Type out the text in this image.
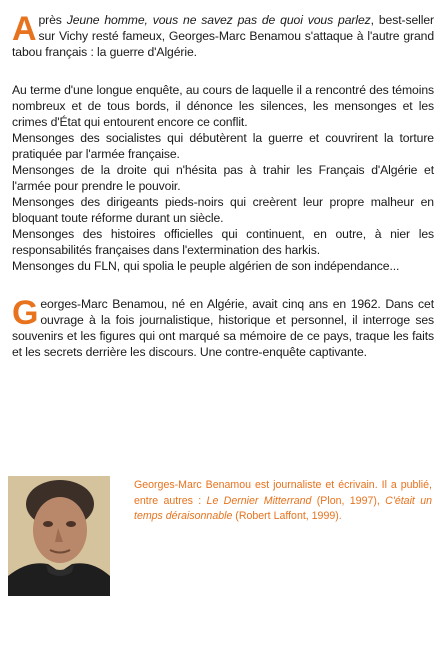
Après Jeune homme, vous ne savez pas de quoi vous parlez, best-seller sur Vichy resté fameux, Georges-Marc Benamou s'attaque à l'autre grand tabou français : la guerre d'Algérie.

Au terme d'une longue enquête, au cours de laquelle il a rencontré des témoins nombreux et de tous bords, il dénonce les silences, les mensonges et les crimes d'État qui entourent encore ce conflit.
Mensonges des socialistes qui débutèrent la guerre et couvrirent la torture pratiquée par l'armée française.
Mensonges de la droite qui n'hésita pas à trahir les Français d'Algérie et l'armée pour prendre le pouvoir.
Mensonges des dirigeants pieds-noirs qui creèrent leur propre malheur en bloquant toute réforme durant un siècle.
Mensonges des histoires officielles qui continuent, en outre, à nier les responsabilités françaises dans l'extermination des harkis.
Mensonges du FLN, qui spolia le peuple algérien de son indépendance...

Georges-Marc Benamou, né en Algérie, avait cinq ans en 1962. Dans cet ouvrage à la fois journalistique, historique et personnel, il interroge ses souvenirs et les figures qui ont marqué sa mémoire de ce pays, traque les faits et les secrets derrière les discours. Une contre-enquête captivante.

Georges-Marc Benamou est journaliste et écrivain. Il a publié, entre autres : Le Dernier Mitterrand (Plon, 1997), C'était un temps déraisonnable (Robert Laffont, 1999).
